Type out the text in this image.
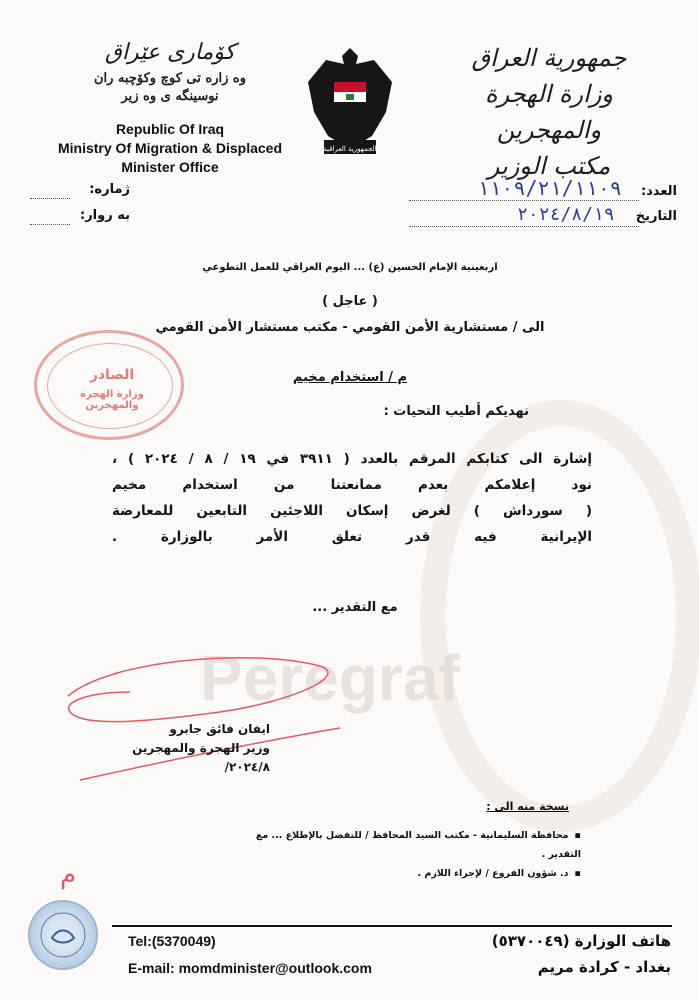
Peregraf
جمهورية العراق
وزارة الهجرة والمهجرين
مكتب الوزير
الجمهورية العراقية
كۆماری عێراق
وه زاره تی كوچ وكۆچبه ران
نوسینگه ی وه زیر
Republic Of Iraq
Ministry Of Migration & Displaced
Minister Office
العدد: ١١٠٩/٢١/١١٠٩
التاريخ ٢٠٢٤/٨/١٩
:ژماره
:به روار
اربعينية الإمام الحسين (ع) ... اليوم العراقي للعمل التطوعي
( عاجل )
الى / مستشارية الأمن القومي - مكتب مستشار الأمن القومي
م / استخدام مخيم
نهديكم أطيب التحيات :
إشارة الى كتابكم المرقم بالعدد ( ٣٩١١ في ١٩ / ٨ / ٢٠٢٤ ) ،
نود إعلامكم بعدم ممانعتنا من استخدام مخيم
( سورداش ) لغرض إسكان اللاجئين التابعين للمعارضة
الإيرانية فيه قدر تعلق الأمر بالوزارة .
مع التقدير ...
الصادر
وزارة الهجرة والمهجرين
ايفان فائق جابرو
وزير الهجرة والمهجرين
٢٠٢٤/٨/
نسخة منه الى :
▪محافظة السليمانية - مكتب السيد المحافظ / للتفضل بالإطلاع ... مع التقدير .
▪د. شؤون الفروع / لإجراء اللازم .
م
Tel:(5370049)
E-mail: momdminister@outlook.com
هاتف الوزارة (٥٣٧٠٠٤٩)
بغداد - كرادة مريم
